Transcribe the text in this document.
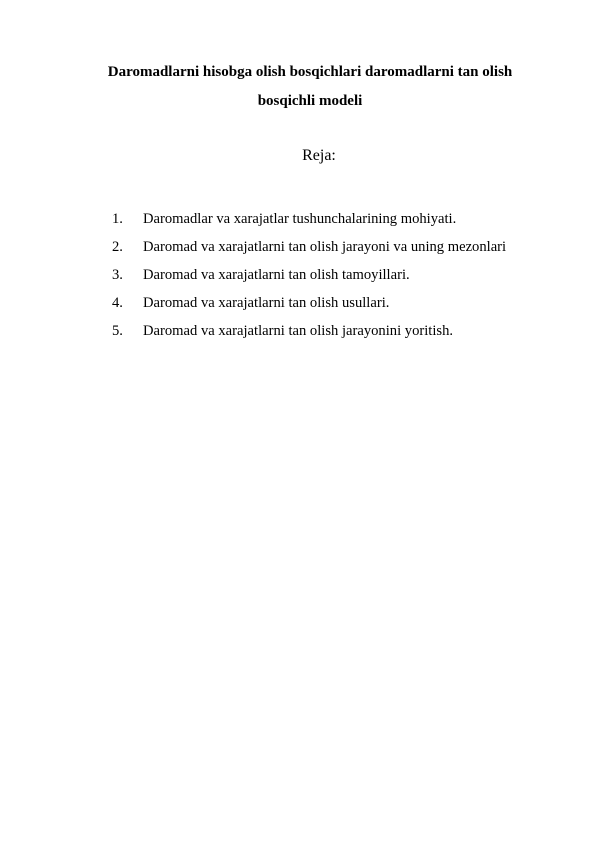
Daromadlarni hisobga olish bosqichlari daromadlarni tan olish
bosqichli modeli

Reja:

1.	Daromadlar va xarajatlar tushunchalarining mohiyati.
2.	Daromad va xarajatlarni tan olish jarayoni va uning mezonlari
3.	Daromad va xarajatlarni tan olish tamoyillari.
4.	Daromad va xarajatlarni tan olish usullari.
5.	Daromad va xarajatlarni tan olish jarayonini yoritish.
